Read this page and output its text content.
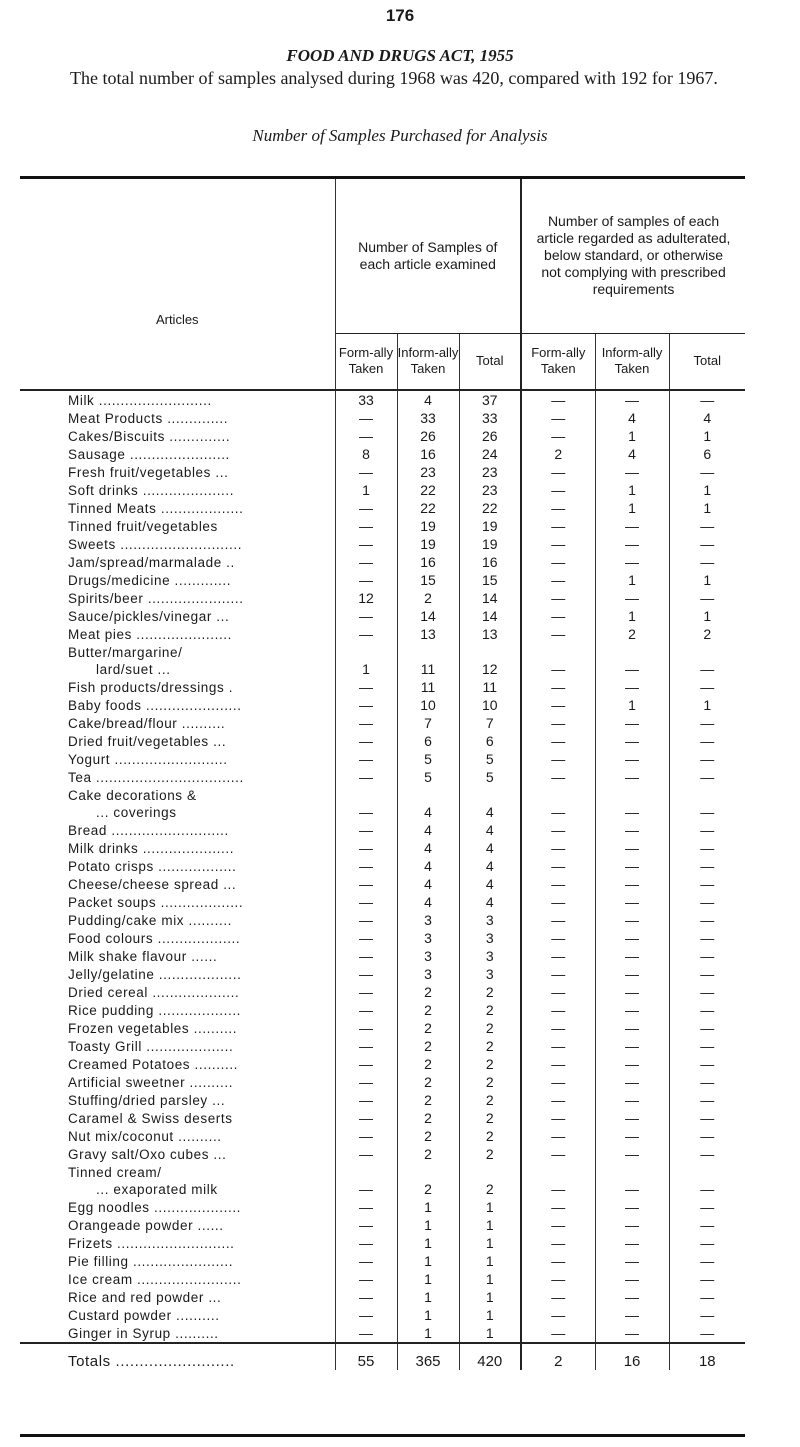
176
FOOD AND DRUGS ACT, 1955
The total number of samples analysed during 1968 was 420, compared with 192 for 1967.
Number of Samples Purchased for Analysis
Articles	Number of Samples of each article examined			Number of samples of each article regarded as adulterated, below standard, or otherwise not complying with prescribed requirements		
	Form-ally Taken	Inform-ally Taken	Total	Form-ally Taken	Inform-ally Taken	Total
Milk ..........................	33	4	37	—	—	—
Meat Products ..............	—	33	33	—	4	4
Cakes/Biscuits ..............	—	26	26	—	1	1
Sausage .......................	8	16	24	2	4	6
Fresh fruit/vegetables ...	—	23	23	—	—	—
Soft drinks .....................	1	22	23	—	1	1
Tinned Meats ...................	—	22	22	—	1	1
Tinned fruit/vegetables	—	19	19	—	—	—
Sweets ............................	—	19	19	—	—	—
Jam/spread/marmalade ..	—	16	16	—	—	—
Drugs/medicine .............	—	15	15	—	1	1
Spirits/beer ......................	12	2	14	—	—	—
Sauce/pickles/vinegar ...	—	14	14	—	1	1
Meat pies ......................	—	13	13	—	2	2

Butter/margarine/
lard/suet ...	1	11	12	—	—	—
Fish products/dressings .	—	11	11	—	—	—
Baby foods ......................	—	10	10	—	1	1
Cake/bread/flour ..........	—	7	7	—	—	—
Dried fruit/vegetables ...	—	6	6	—	—	—
Yogurt ..........................	—	5	5	—	—	—
Tea ..................................	—	5	5	—	—	—

Cake decorations &
... coverings	—	4	4	—	—	—
Bread ...........................	—	4	4	—	—	—
Milk drinks .....................	—	4	4	—	—	—
Potato crisps ..................	—	4	4	—	—	—
Cheese/cheese spread ...	—	4	4	—	—	—
Packet soups ...................	—	4	4	—	—	—
Pudding/cake mix ..........	—	3	3	—	—	—
Food colours ...................	—	3	3	—	—	—
Milk shake flavour ......	—	3	3	—	—	—
Jelly/gelatine ...................	—	3	3	—	—	—
Dried cereal ....................	—	2	2	—	—	—
Rice pudding ...................	—	2	2	—	—	—
Frozen vegetables ..........	—	2	2	—	—	—
Toasty Grill ....................	—	2	2	—	—	—
Creamed Potatoes ..........	—	2	2	—	—	—
Artificial sweetner ..........	—	2	2	—	—	—
Stuffing/dried parsley ...	—	2	2	—	—	—
Caramel & Swiss deserts	—	2	2	—	—	—
Nut mix/coconut ..........	—	2	2	—	—	—
Gravy salt/Oxo cubes ...	—	2	2	—	—	—

Tinned cream/
... exaporated milk	—	2	2	—	—	—
Egg noodles ....................	—	1	1	—	—	—
Orangeade powder ......	—	1	1	—	—	—
Frizets ...........................	—	1	1	—	—	—
Pie filling .......................	—	1	1	—	—	—
Ice cream ........................	—	1	1	—	—	—
Rice and red powder ...	—	1	1	—	—	—
Custard powder ..........	—	1	1	—	—	—
Ginger in Syrup ..........	—	1	1	—	—	—
Totals .........................	55	365	420	2	16	18
